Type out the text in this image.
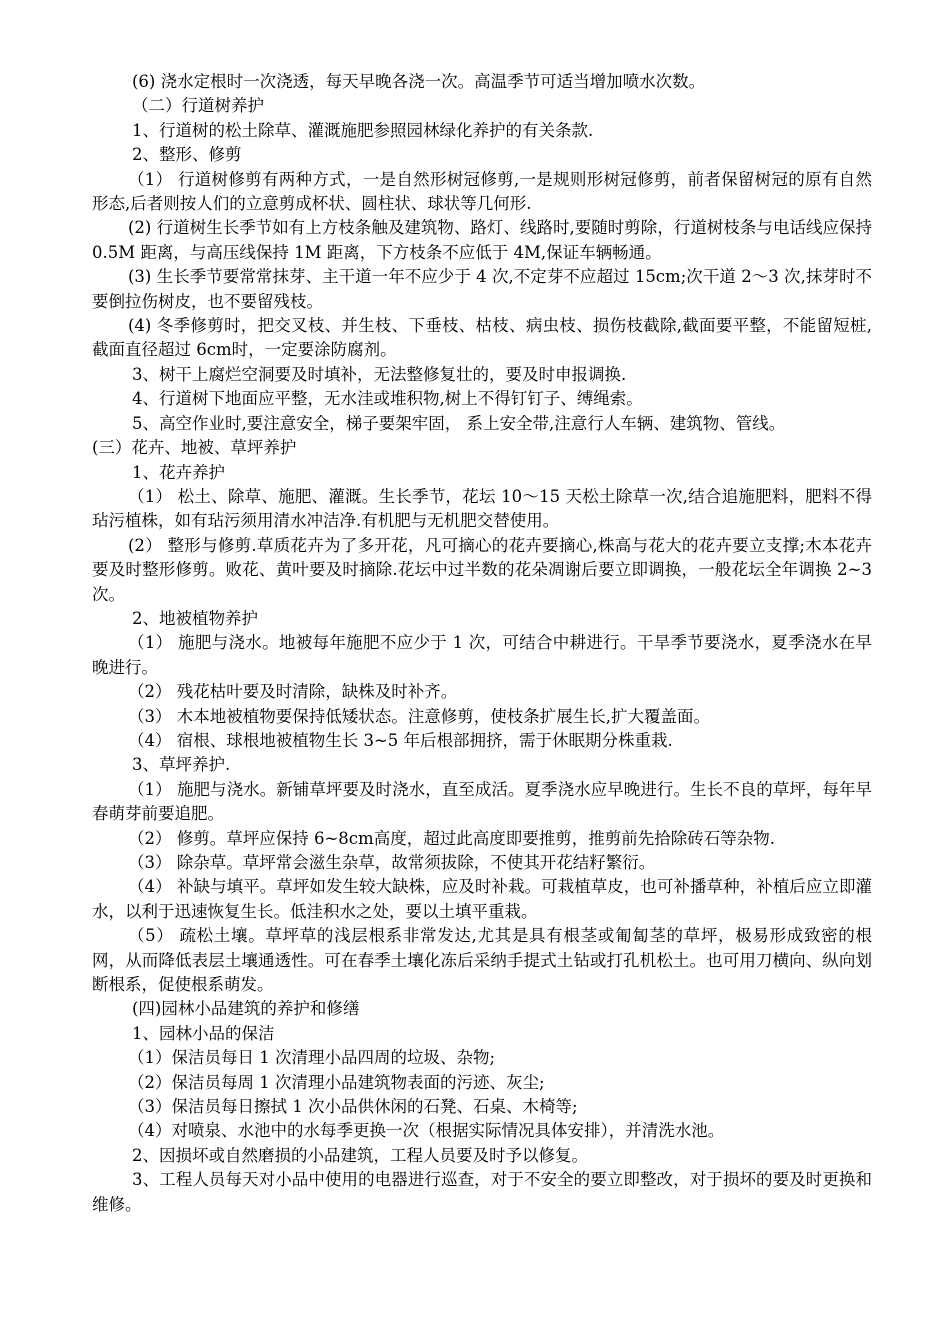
(6) 浇水定根时一次浇透，每天早晚各浇一次。高温季节可适当增加喷水次数。

（二）行道树养护

1、行道树的松土除草、灌溉施肥参照园林绿化养护的有关条款.

2、整形、修剪

（1） 行道树修剪有两种方式，一是自然形树冠修剪,一是规则形树冠修剪，前者保留树冠的原有自然形态,后者则按人们的立意剪成杯状、圆柱状、球状等几何形.

(2) 行道树生长季节如有上方枝条触及建筑物、路灯、线路时,要随时剪除，行道树枝条与电话线应保持 0.5M 距离，与高压线保持 1M 距离，下方枝条不应低于 4M,保证车辆畅通。

(3) 生长季节要常常抹芽、主干道一年不应少于 4 次,不定芽不应超过 15cm;次干道 2～3 次,抹芽时不要倒拉伤树皮，也不要留残枝。

(4) 冬季修剪时，把交叉枝、并生枝、下垂枝、枯枝、病虫枝、损伤枝截除,截面要平整，不能留短桩,截面直径超过 6cm时，一定要涂防腐剂。

3、树干上腐烂空洞要及时填补，无法整修复壮的，要及时申报调换.

4、行道树下地面应平整，无水洼或堆积物,树上不得钉钉子、缚绳索。

5、高空作业时,要注意安全，梯子要架牢固， 系上安全带,注意行人车辆、建筑物、管线。

(三）花卉、地被、草坪养护

1、花卉养护

（1） 松土、除草、施肥、灌溉。生长季节，花坛 10～15 天松土除草一次,结合追施肥料，肥料不得玷污植株，如有玷污须用清水冲洁净.有机肥与无机肥交替使用。

(2） 整形与修剪.草质花卉为了多开花，凡可摘心的花卉要摘心,株高与花大的花卉要立支撑;木本花卉要及时整形修剪。败花、黄叶要及时摘除.花坛中过半数的花朵凋谢后要立即调换，一般花坛全年调换 2~3 次。

2、地被植物养护

（1） 施肥与浇水。地被每年施肥不应少于 1 次，可结合中耕进行。干旱季节要浇水，夏季浇水在早晚进行。

（2） 残花枯叶要及时清除，缺株及时补齐。

（3） 木本地被植物要保持低矮状态。注意修剪，使枝条扩展生长,扩大覆盖面。

（4） 宿根、球根地被植物生长 3~5 年后根部拥挤，需于休眠期分株重栽.

3、草坪养护.

（1） 施肥与浇水。新铺草坪要及时浇水，直至成活。夏季浇水应早晚进行。生长不良的草坪，每年早春萌芽前要追肥。

（2） 修剪。草坪应保持 6~8cm高度，超过此高度即要推剪，推剪前先拾除砖石等杂物.

（3） 除杂草。草坪常会滋生杂草，故常须拔除，不使其开花结籽繁衍。

（4） 补缺与填平。草坪如发生较大缺株，应及时补栽。可栽植草皮，也可补播草种，补植后应立即灌水，以利于迅速恢复生长。低洼积水之处，要以土填平重栽。

（5） 疏松土壤。草坪草的浅层根系非常发达,尤其是具有根茎或匍匐茎的草坪，极易形成致密的根网，从而降低表层土壤通透性。可在春季土壤化冻后采纳手提式土钻或打孔机松土。也可用刀横向、纵向划断根系，促使根系萌发。

(四)园林小品建筑的养护和修缮

1、园林小品的保洁

（1）保洁员每日 1 次清理小品四周的垃圾、杂物;

（2）保洁员每周 1 次清理小品建筑物表面的污迹、灰尘;

（3）保洁员每日擦拭 1 次小品供休闲的石凳、石桌、木椅等;

（4）对喷泉、水池中的水每季更换一次（根据实际情况具体安排），并清洗水池。

2、因损坏或自然磨损的小品建筑，工程人员要及时予以修复。

3、工程人员每天对小品中使用的电器进行巡查，对于不安全的要立即整改，对于损坏的要及时更换和维修。
